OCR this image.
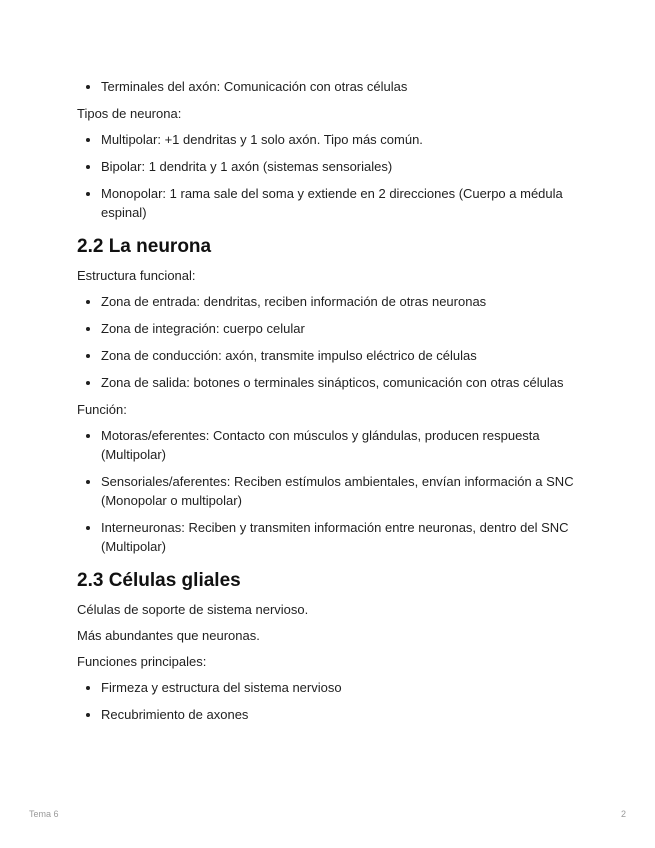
Terminales del axón: Comunicación con otras células

Tipos de neurona:

Multipolar: +1 dendritas y 1 solo axón. Tipo más común.
Bipolar: 1 dendrita y 1 axón (sistemas sensoriales)
Monopolar: 1 rama sale del soma y extiende en 2 direcciones (Cuerpo a médula espinal)
2.2 La neurona

Estructura funcional:

Zona de entrada: dendritas, reciben información de otras neuronas
Zona de integración: cuerpo celular
Zona de conducción: axón, transmite impulso eléctrico de células
Zona de salida: botones o terminales sinápticos, comunicación con otras células

Función:

Motoras/eferentes: Contacto con músculos y glándulas, producen respuesta (Multipolar)
Sensoriales/aferentes: Reciben estímulos ambientales, envían información a SNC (Monopolar o multipolar)
Interneuronas: Reciben y transmiten información entre neuronas, dentro del SNC (Multipolar)
2.3 Células gliales

Células de soporte de sistema nervioso.

Más abundantes que neuronas.

Funciones principales:

Firmeza y estructura del sistema nervioso
Recubrimiento de axones
Tema 6	2
